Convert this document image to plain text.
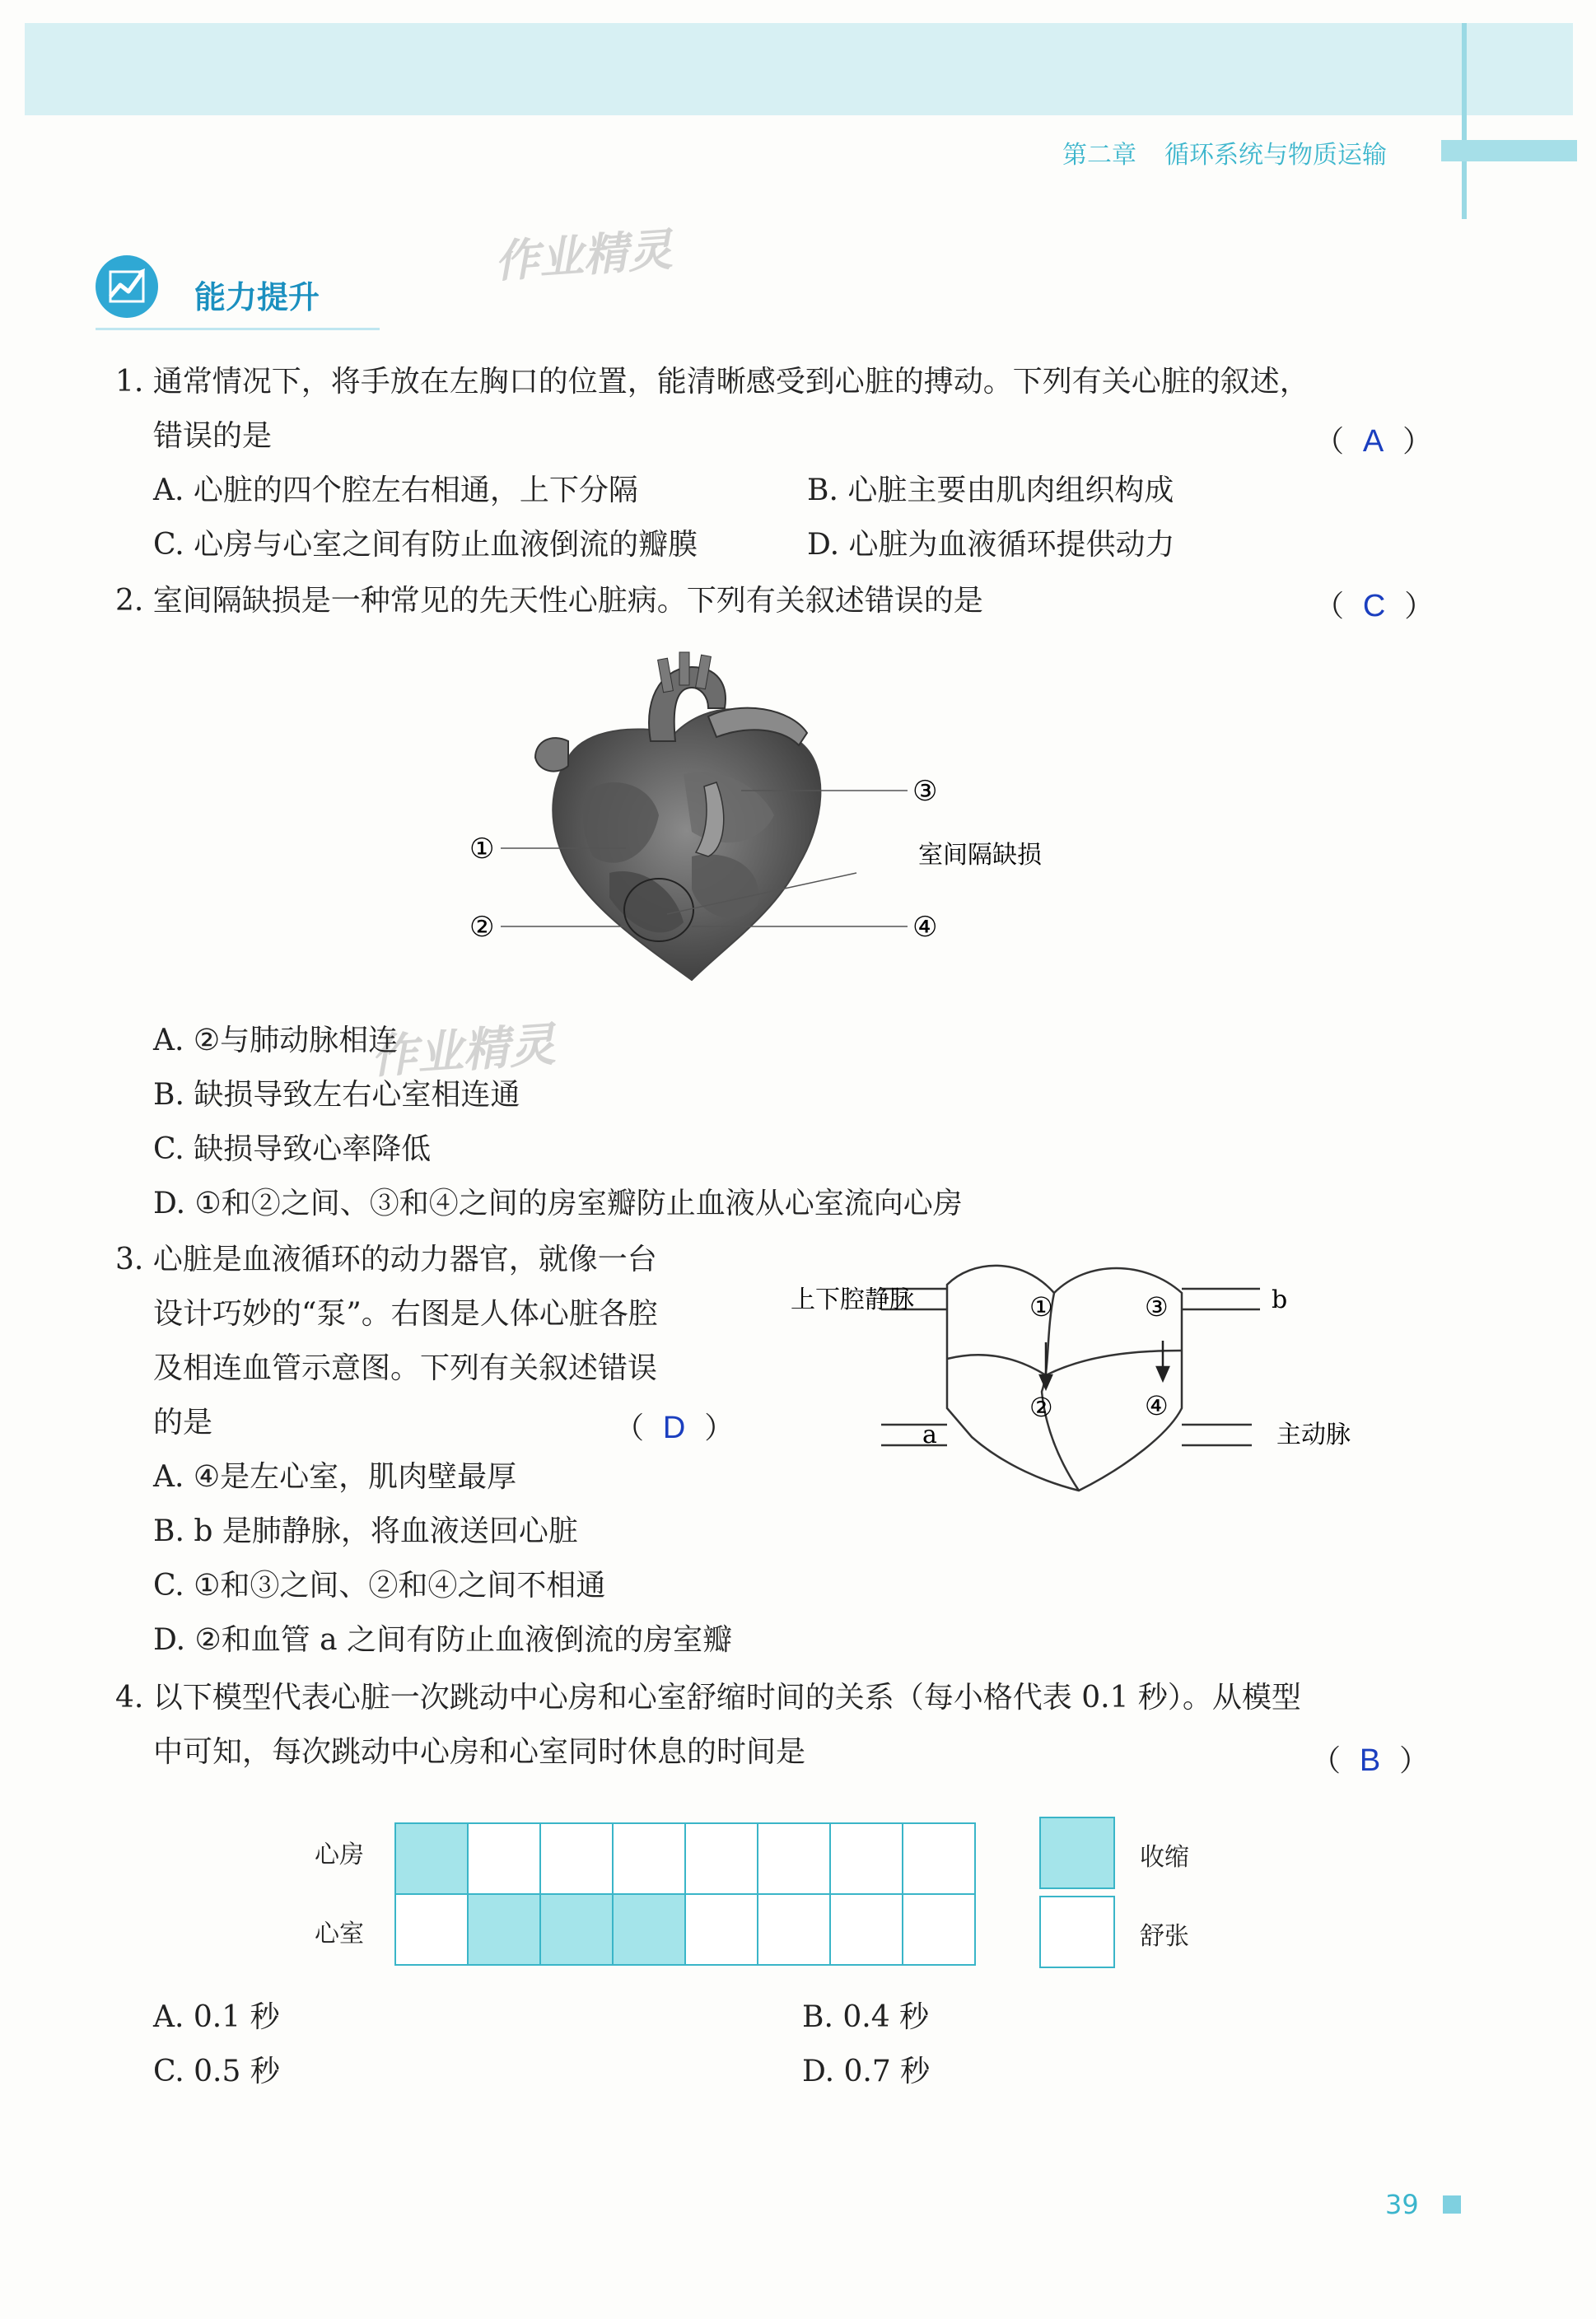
第二章 循环系统与物质运输
能力提升
作业精灵
1. 通常情况下，将手放在左胸口的位置，能清晰感受到心脏的搏动。下列有关心脏的叙述，
错误的是	（  A  ）
A. 心脏的四个腔左右相通，上下分隔	B. 心脏主要由肌肉组织构成
C. 心房与心室之间有防止血液倒流的瓣膜	D. 心脏为血液循环提供动力
2. 室间隔缺损是一种常见的先天性心脏病。下列有关叙述错误的是	（  C  ）
①
②
③
④
室间隔缺损
作业精灵
A. ②与肺动脉相连
B. 缺损导致左右心室相连通
C. 缺损导致心率降低
D. ①和②之间、③和④之间的房室瓣防止血液从心室流向心房
3. 心脏是血液循环的动力器官，就像一台
设计巧妙的“泵”。右图是人体心脏各腔
及相连血管示意图。下列有关叙述错误
的是	（  D  ）
上下腔静脉	b
a	主动脉
①	③
②	④
A. ④是左心室，肌肉壁最厚
B. b 是肺静脉，将血液送回心脏
C. ①和③之间、②和④之间不相通
D. ②和血管 a 之间有防止血液倒流的房室瓣
4. 以下模型代表心脏一次跳动中心房和心室舒缩时间的关系（每小格代表 0.1 秒）。从模型
中可知，每次跳动中心房和心室同时休息的时间是	（  B  ）
心房
心室
收缩
舒张
A. 0.1 秒	B. 0.4 秒
C. 0.5 秒	D. 0.7 秒
39
